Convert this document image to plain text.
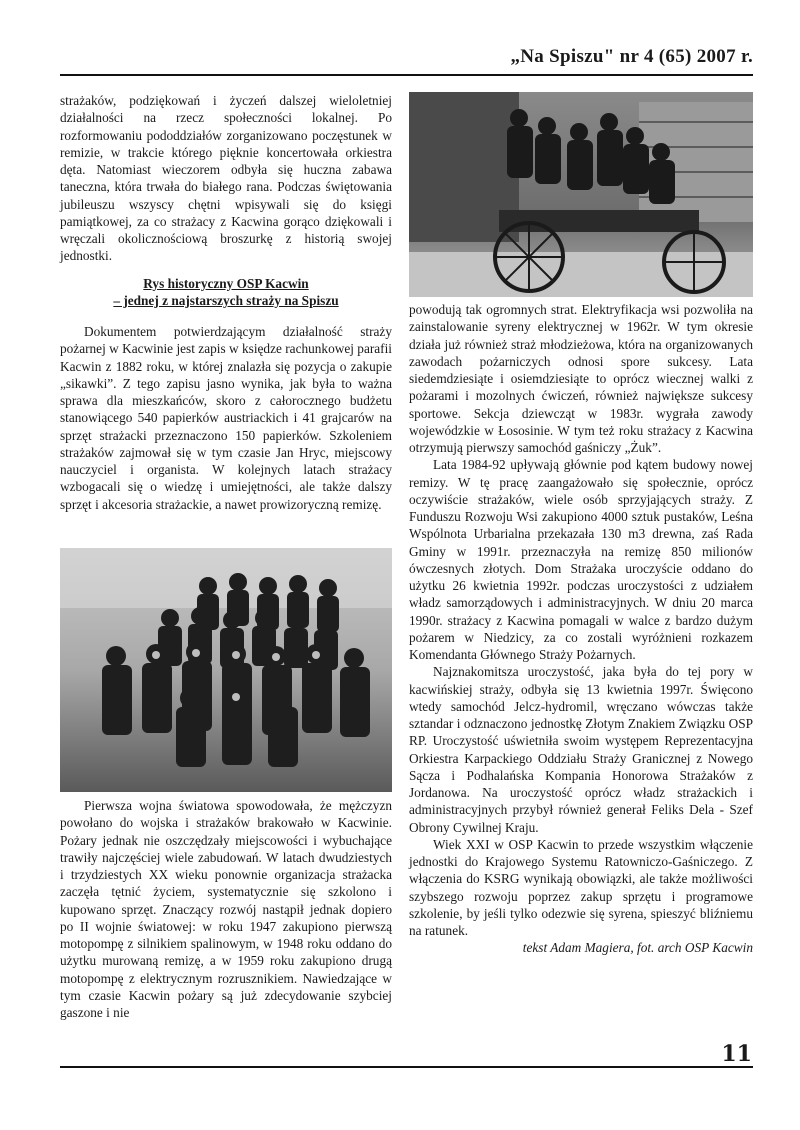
„Na Spiszu" nr 4 (65) 2007 r.

strażaków, podziękowań i życzeń dalszej wieloletniej działalności na rzecz społeczności lokalnej. Po rozformowaniu pododdziałów zorganizowano poczęstunek w remizie, w trakcie którego pięknie koncertowała orkiestra dęta. Natomiast wieczorem odbyła się huczna zabawa taneczna, która trwała do białego rana. Podczas świętowania jubileuszu wszyscy chętni wpisywali się do księgi pamiątkowej, za co strażacy z Kacwina gorąco dziękowali i wręczali okolicznościową broszurkę z historią swojej jednostki.

Rys historyczny OSP Kacwin

– jednej z najstarszych straży na Spiszu

Dokumentem potwierdzającym działalność straży pożarnej w Kacwinie jest zapis w księdze rachunkowej parafii Kacwin z 1882 roku, w której znalazła się pozycja o zakupie „sikawki”. Z tego zapisu jasno wynika, jak była to ważna sprawa dla mieszkańców, skoro z całorocznego budżetu stanowiącego 540 papierków austriackich i 41 grajcarów na sprzęt strażacki przeznaczono 150 papierków. Szkoleniem strażaków zajmował się w tym czasie Jan Hryc, miejscowy nauczyciel i organista. W kolejnych latach strażacy wzbogacali się o wiedzę i umiejętności, ale także dalszy sprzęt i akcesoria strażackie, a nawet prowizoryczną remizę.

Pierwsza wojna światowa spowodowała, że mężczyzn powołano do wojska i strażaków brakowało w Kacwinie. Pożary jednak nie oszczędzały miejscowości i wybuchające trawiły najczęściej wiele zabudowań. W latach dwudziestych i trzydziestych XX wieku ponownie organizacja strażacka zaczęła tętnić życiem, systematycznie się szkolono i kupowano sprzęt. Znaczący rozwój nastąpił jednak dopiero po II wojnie światowej: w roku 1947 zakupiono pierwszą motopompę z silnikiem spalinowym, w 1948 roku oddano do użytku murowaną remizę, a w 1959 roku zakupiono drugą motopompę z elektrycznym rozrusznikiem. Nawiedzające w tym czasie Kacwin pożary są już zdecydowanie szybciej gaszone i nie

powodują tak ogromnych strat. Elektryfikacja wsi pozwoliła na zainstalowanie syreny elektrycznej w 1962r. W tym okresie działa już również straż młodzieżowa, która na organizowanych zawodach pożarniczych odnosi spore sukcesy. Lata siedemdziesiąte i osiemdziesiąte to oprócz wiecznej walki z pożarami i mozolnych ćwiczeń, również największe sukcesy sportowe. Sekcja dziewcząt w 1983r. wygrała zawody wojewódzkie w Łososinie. W tym też roku strażacy z Kacwina otrzymują pierwszy samochód gaśniczy „Żuk”.

Lata 1984-92 upływają głównie pod kątem budowy nowej remizy. W tę pracę zaangażowało się społecznie, oprócz oczywiście strażaków, wiele osób sprzyjających straży. Z Funduszu Rozwoju Wsi zakupiono 4000 sztuk pustaków, Leśna Wspólnota Urbarialna przekazała 130 m3 drewna, zaś Rada Gminy w 1991r. przeznaczyła na remizę 850 milionów ówczesnych złotych. Dom Strażaka uroczyście oddano do użytku 26 kwietnia 1992r. podczas uroczystości z udziałem władz samorządowych i administracyjnych. W dniu 20 marca 1990r. strażacy z Kacwina pomagali w walce z bardzo dużym pożarem w Niedzicy, za co zostali wyróżnieni rozkazem Komendanta Głównego Straży Pożarnych.

Najznakomitsza uroczystość, jaka była do tej pory w kacwińskiej straży, odbyła się 13 kwietnia 1997r. Święcono wtedy samochód Jelcz-hydromil, wręczano wówczas także sztandar i odznaczono jednostkę Złotym Znakiem Związku OSP RP. Uroczystość uświetniła swoim występem Reprezentacyjna Orkiestra Karpackiego Oddziału Straży Granicznej z Nowego Sącza i Podhalańska Kompania Honorowa Strażaków z Jordanowa. Na uroczystość oprócz władz strażackich i administracyjnych przybył również generał Feliks Dela - Szef Obrony Cywilnej Kraju.

Wiek XXI w OSP Kacwin to przede wszystkim włączenie jednostki do Krajowego Systemu Ratowniczo-Gaśniczego. Z włączenia do KSRG wynikają obowiązki, ale także możliwości szybszego rozwoju poprzez zakup sprzętu i programowe szkolenie, by jeśli tylko odezwie się syrena, spieszyć bliźniemu na ratunek.

tekst Adam Magiera, fot. arch OSP Kacwin

11
